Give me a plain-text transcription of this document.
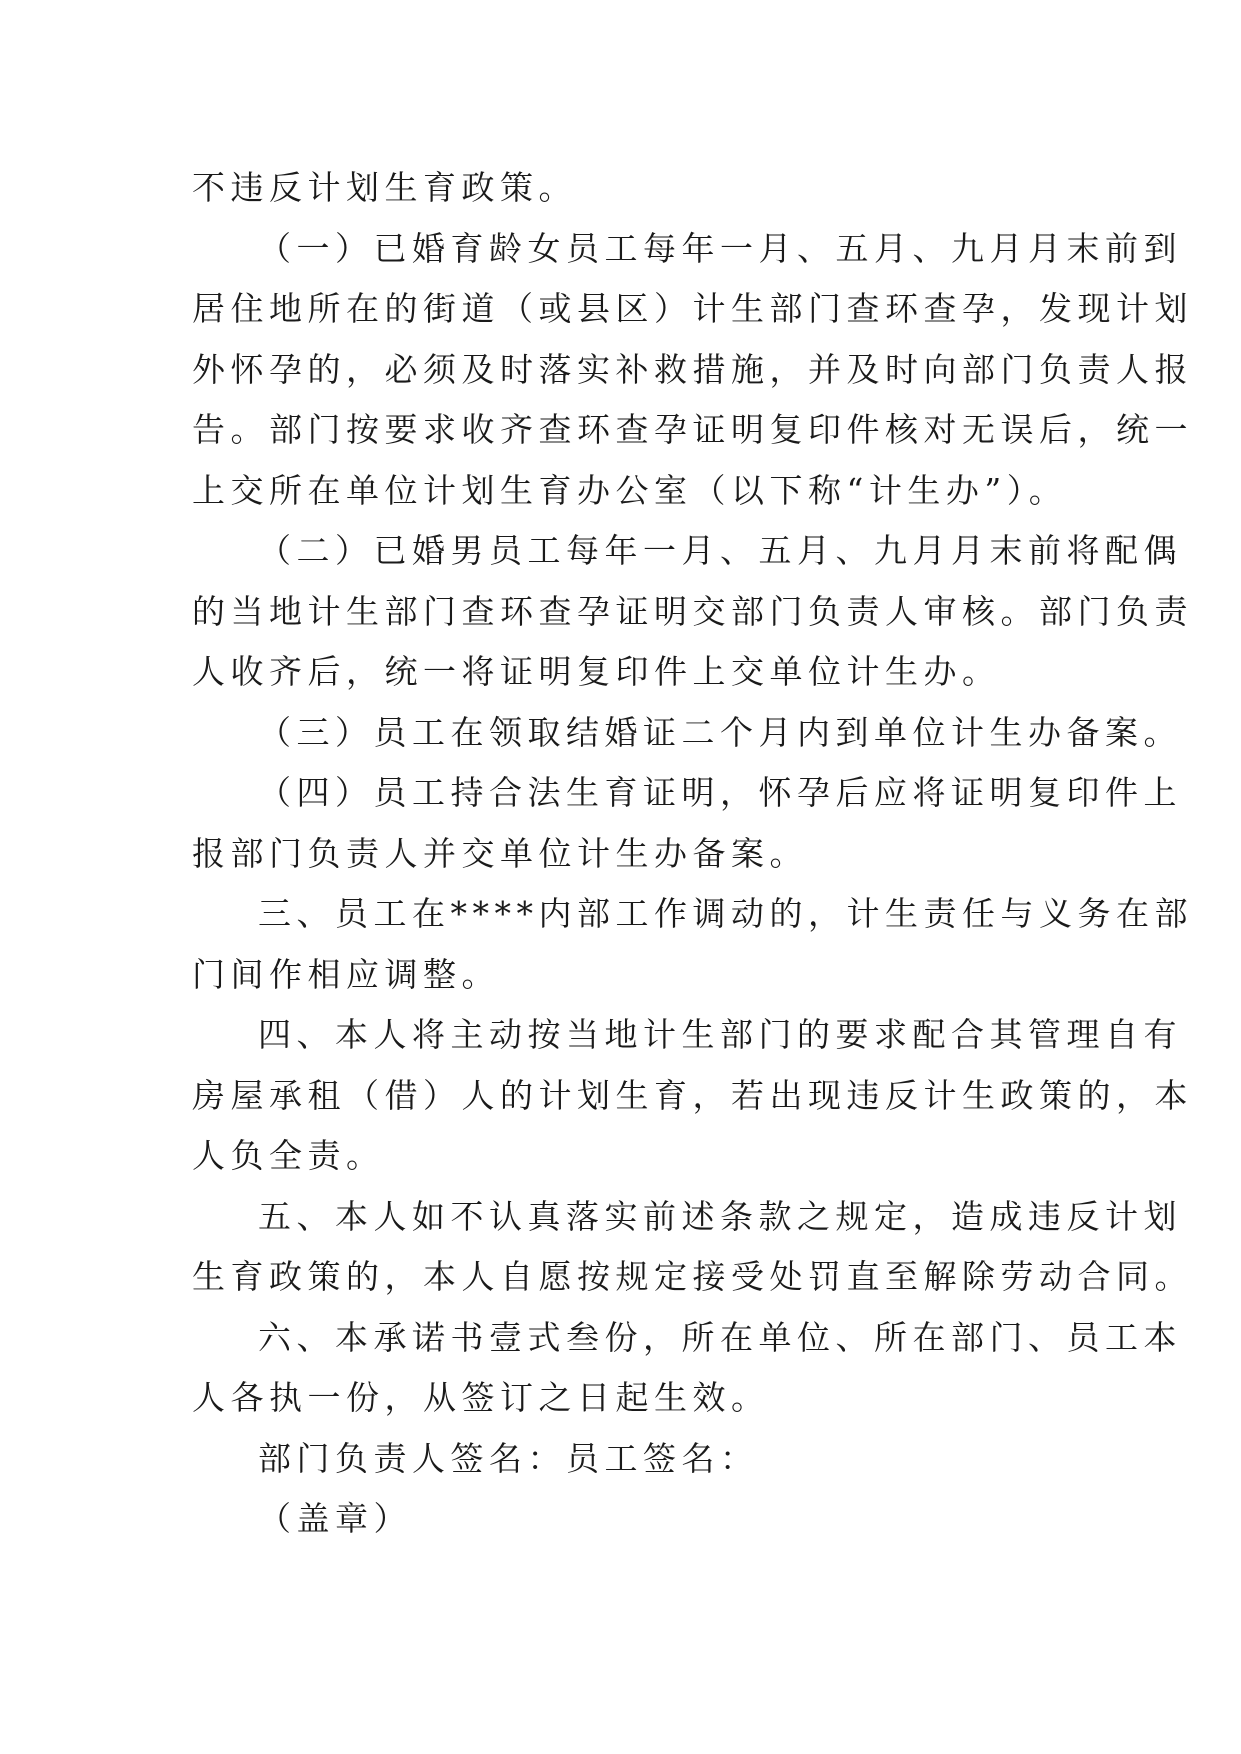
不违反计划生育政策。
（一）已婚育龄女员工每年一月、五月、九月月末前到
居住地所在的街道（或县区）计生部门查环查孕，发现计划
外怀孕的，必须及时落实补救措施，并及时向部门负责人报
告。部门按要求收齐查环查孕证明复印件核对无误后，统一
上交所在单位计划生育办公室（以下称“计生办”）。
（二）已婚男员工每年一月、五月、九月月末前将配偶
的当地计生部门查环查孕证明交部门负责人审核。部门负责
人收齐后，统一将证明复印件上交单位计生办。
（三）员工在领取结婚证二个月内到单位计生办备案。
（四）员工持合法生育证明，怀孕后应将证明复印件上
报部门负责人并交单位计生办备案。
三、员工在****内部工作调动的，计生责任与义务在部
门间作相应调整。
四、本人将主动按当地计生部门的要求配合其管理自有
房屋承租（借）人的计划生育，若出现违反计生政策的，本
人负全责。
五、本人如不认真落实前述条款之规定，造成违反计划
生育政策的，本人自愿按规定接受处罚直至解除劳动合同。
六、本承诺书壹式叁份，所在单位、所在部门、员工本
人各执一份，从签订之日起生效。
部门负责人签名：员工签名：
（盖章）
